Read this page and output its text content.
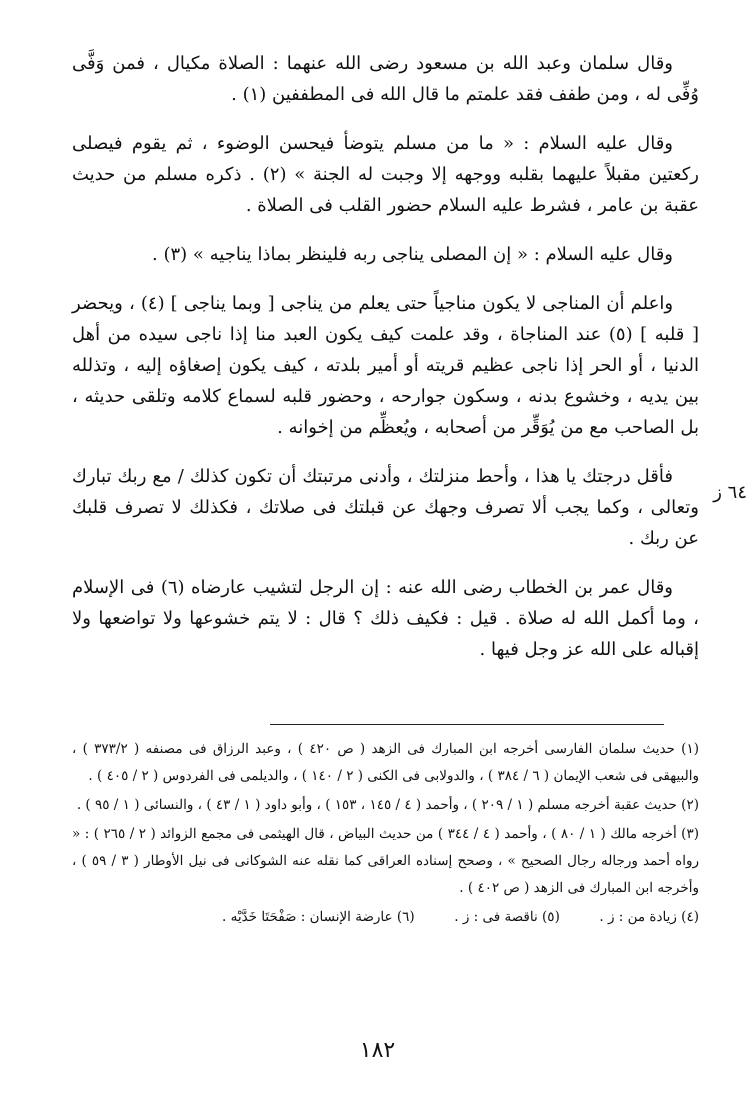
وقال سلمان وعبد الله بن مسعود رضى الله عنهما : الصلاة مكيال ، فمن وَفَّى وُفِّى له ، ومن طفف فقد علمتم ما قال الله فى المطففين (١) .

وقال عليه السلام : « ما من مسلم يتوضأ فيحسن الوضوء ، ثم يقوم فيصلى ركعتين مقبلاً عليهما بقلبه ووجهه إلا وجبت له الجنة » (٢) . ذكره مسلم من حديث عقبة بن عامر ، فشرط عليه السلام حضور القلب فى الصلاة .

وقال عليه السلام : « إن المصلى يناجى ربه فلينظر بماذا يناجيه » (٣) .

واعلم أن المناجى لا يكون مناجياً حتى يعلم من يناجى [ وبما يناجى ] (٤) ، ويحضر [ قلبه ] (٥) عند المناجاة ، وقد علمت كيف يكون العبد منا إذا ناجى سيده من أهل الدنيا ، أو الحر إذا ناجى عظيم قريته أو أمير بلدته ، كيف يكون إصغاؤه إليه ، وتذلله بين يديه ، وخشوع بدنه ، وسكون جوارحه ، وحضور قلبه لسماع كلامه وتلقى حديثه ، بل الصاحب مع من يُوَقِّر من أصحابه ، ويُعظِّم من إخوانه .

فأقل درجتك يا هذا ، وأحط منزلتك ، وأدنى مرتبتك أن تكون كذلك / مع ربك تبارك وتعالى ، وكما يجب ألا تصرف وجهك عن قبلتك فى صلاتك ، فكذلك لا تصرف قلبك عن ربك .

وقال عمر بن الخطاب رضى الله عنه : إن الرجل لتشيب عارضاه (٦) فى الإسلام ، وما أكمل الله له صلاة . قيل : فكيف ذلك ؟ قال : لا يتم خشوعها ولا تواضعها ولا إقباله على الله عز وجل فيها .

٦٤ ز

(١) حديث سلمان الفارسى أخرجه ابن المبارك فى الزهد ( ص ٤٢٠ ) ، وعبد الرزاق فى مصنفه ( ٣٧٣/٢ ) ، والبيهقى فى شعب الإيمان ( ٦ / ٣٨٤ ) ، والدولابى فى الكنى ( ٢ / ١٤٠ ) ، والديلمى فى الفردوس ( ٢ / ٤٠٥ ) .

(٢) حديث عقبة أخرجه مسلم ( ١ / ٢٠٩ ) ، وأحمد ( ٤ / ١٤٥ ، ١٥٣ ) ، وأبو داود ( ١ / ٤٣ ) ، والنسائى ( ١ / ٩٥ ) .

(٣) أخرجه مالك ( ١ / ٨٠ ) ، وأحمد ( ٤ / ٣٤٤ ) من حديث البياض ، قال الهيثمى فى مجمع الزوائد ( ٢ / ٢٦٥ ) : « رواه أحمد ورجاله رجال الصحيح » ، وصحح إسناده العراقى كما نقله عنه الشوكانى فى نيل الأوطار ( ٣ / ٥٩ ) ، وأخرجه ابن المبارك فى الزهد ( ص ٤٠٢ ) .

(٤) زيادة من : ز .
(٥) ناقصة فى : ز .
(٦) عارضة الإنسان : صَفْحَتَا خَدَّيْه .
١٨٢
